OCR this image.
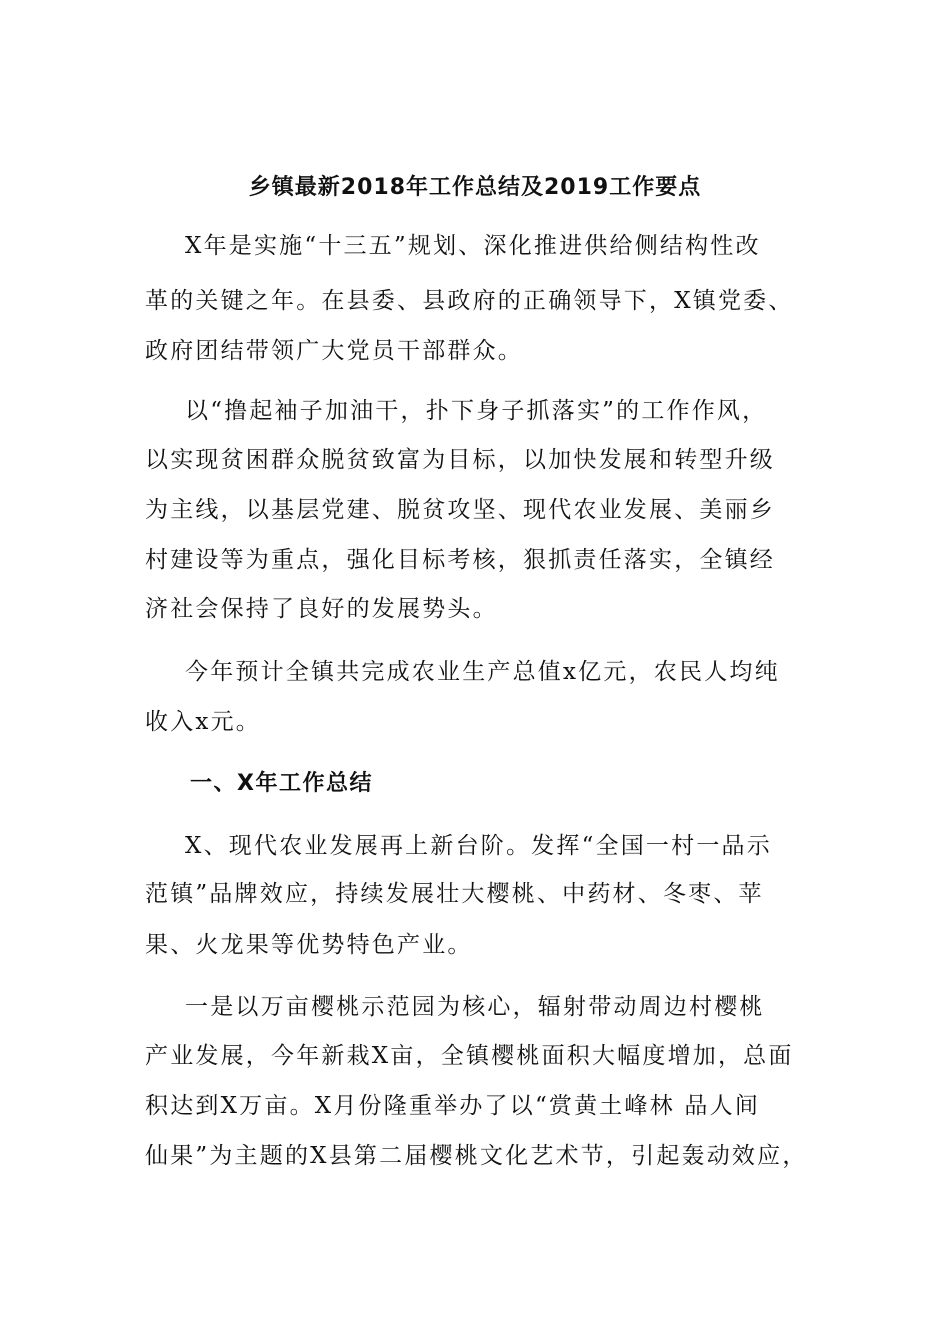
乡镇最新2018年工作总结及2019工作要点
X年是实施“十三五”规划、深化推进供给侧结构性改
革的关键之年。在县委、县政府的正确领导下，X镇党委、
政府团结带领广大党员干部群众。
以“撸起袖子加油干，扑下身子抓落实”的工作作风，
以实现贫困群众脱贫致富为目标，以加快发展和转型升级
为主线，以基层党建、脱贫攻坚、现代农业发展、美丽乡
村建设等为重点，强化目标考核，狠抓责任落实，全镇经
济社会保持了良好的发展势头。
今年预计全镇共完成农业生产总值x亿元，农民人均纯
收入x元。
一、X年工作总结
X、现代农业发展再上新台阶。发挥“全国一村一品示
范镇”品牌效应，持续发展壮大樱桃、中药材、冬枣、苹
果、火龙果等优势特色产业。
一是以万亩樱桃示范园为核心，辐射带动周边村樱桃
产业发展，今年新栽X亩，全镇樱桃面积大幅度增加，总面
积达到X万亩。X月份隆重举办了以“赏黄土峰林 品人间
仙果”为主题的X县第二届樱桃文化艺术节，引起轰动效应，
